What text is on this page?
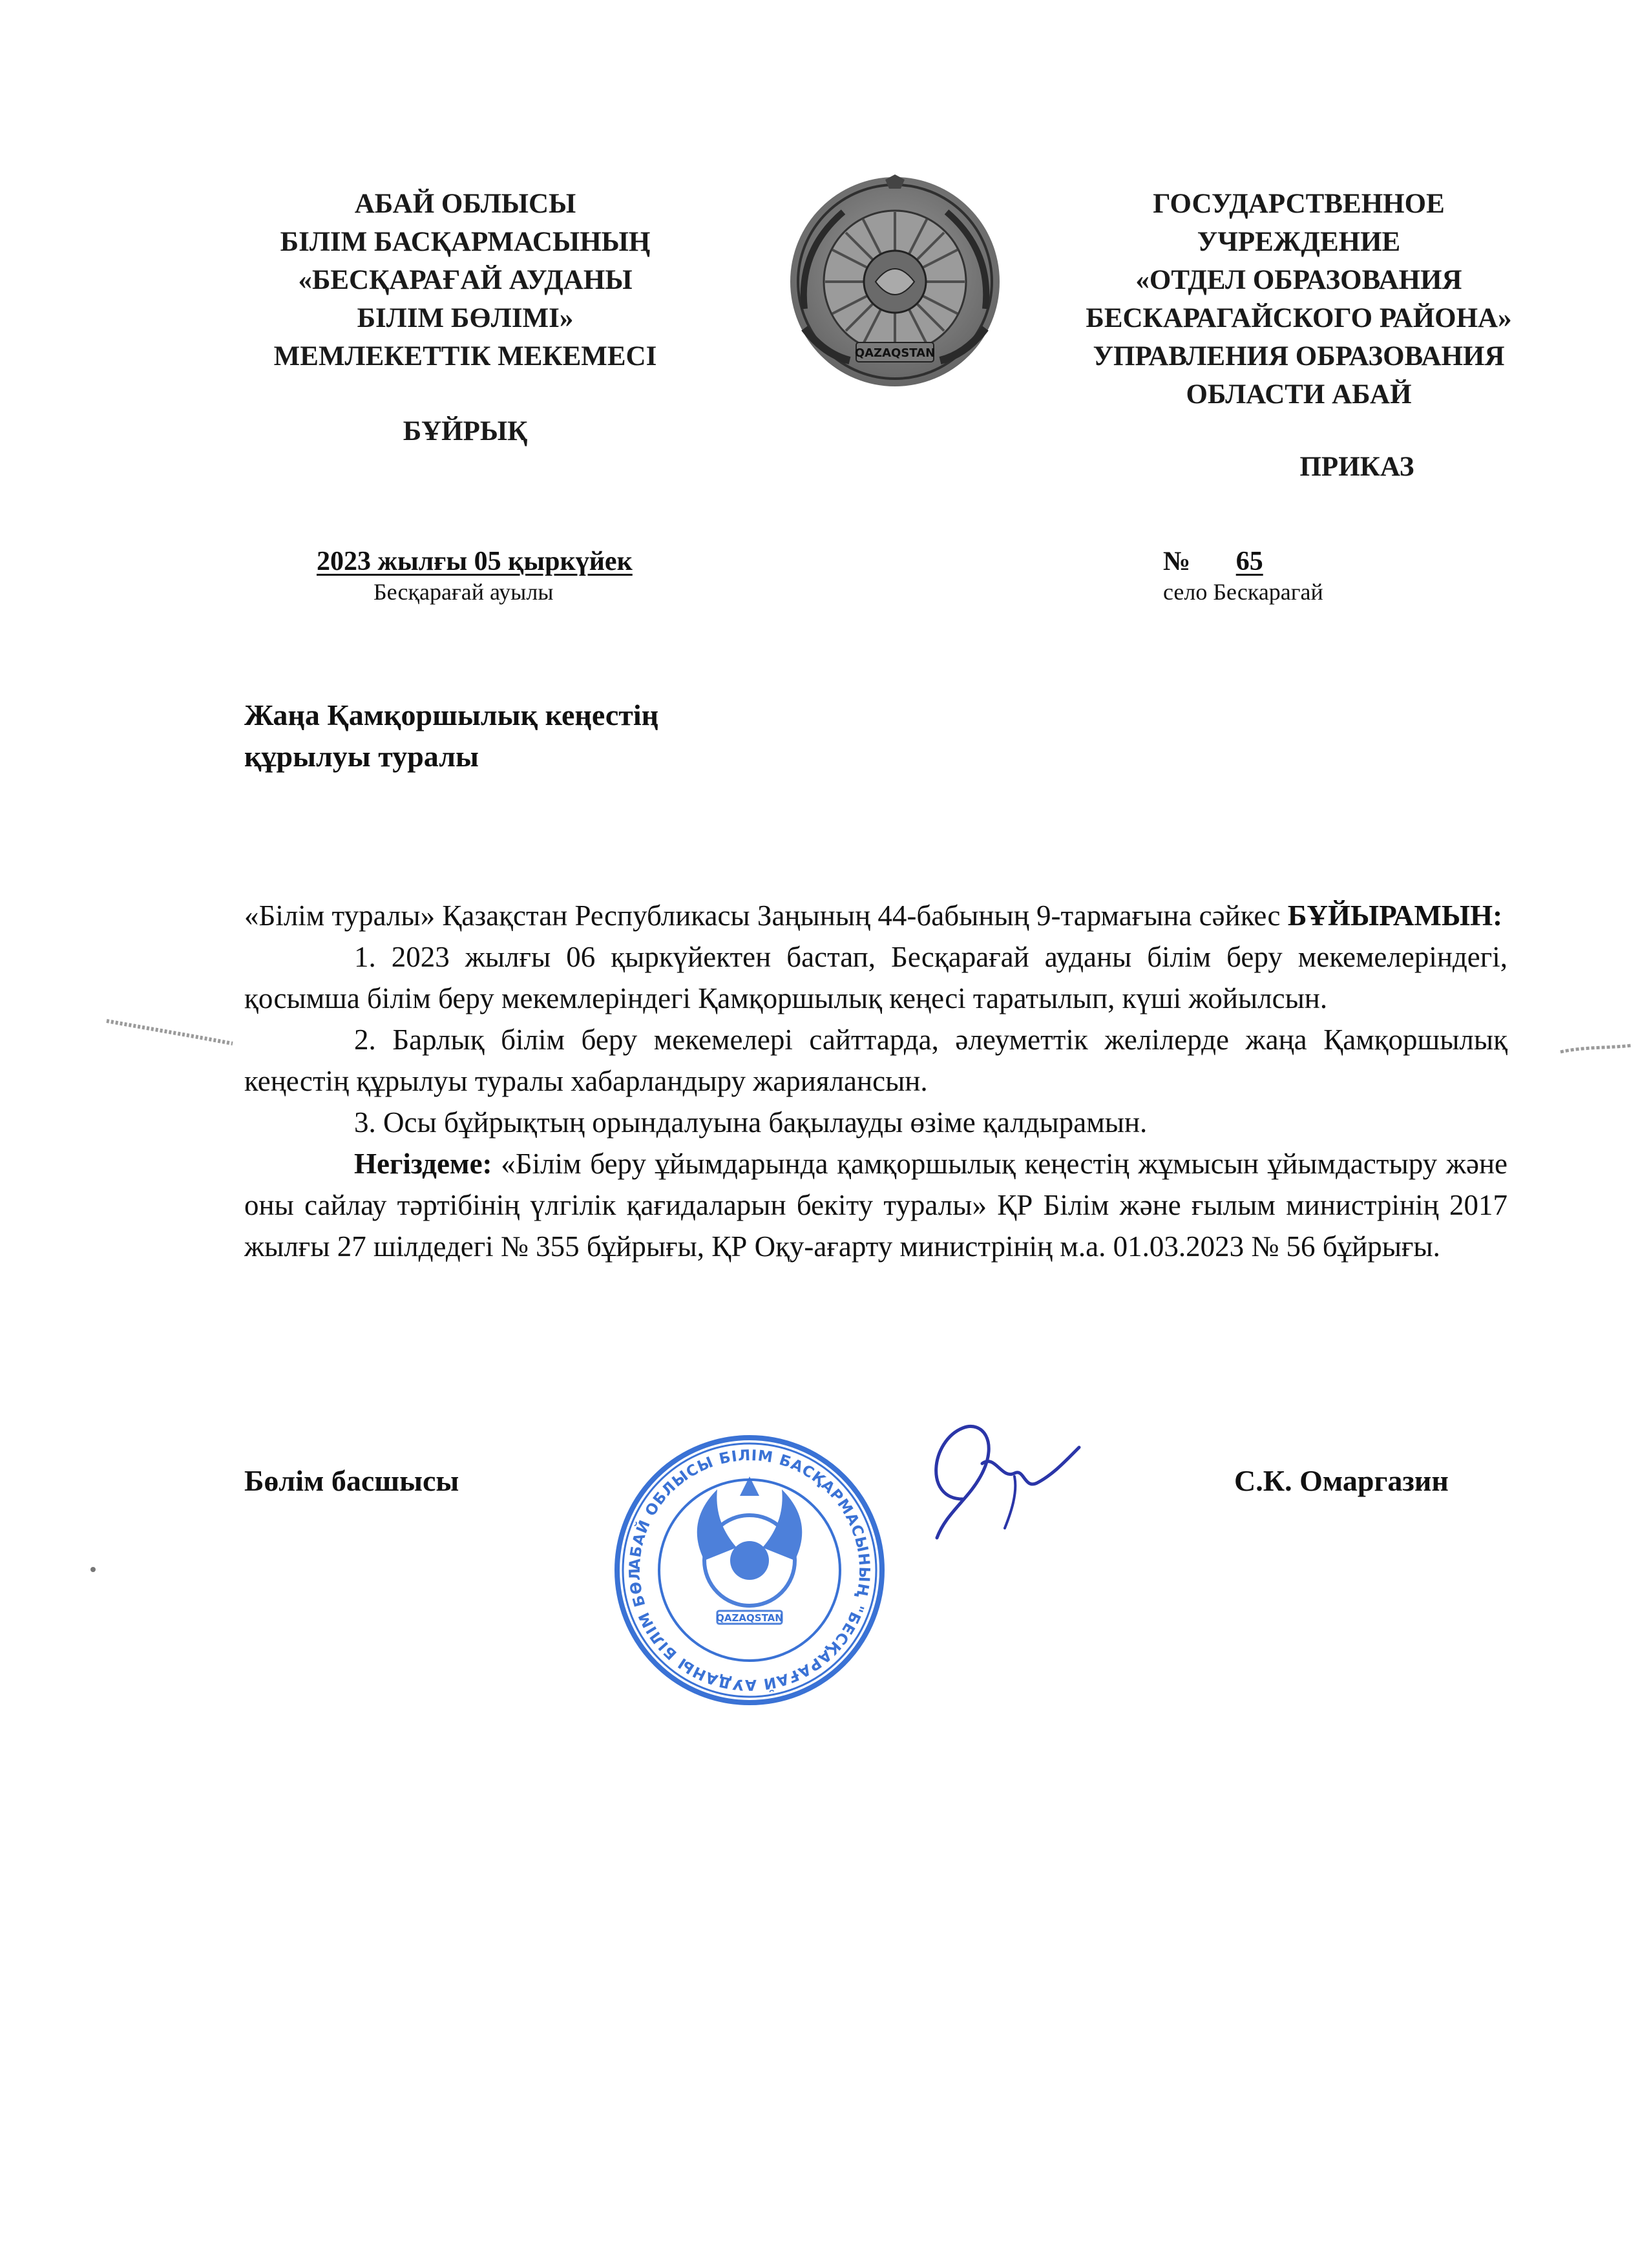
АБАЙ ОБЛЫСЫ
БІЛІМ БАСҚАРМАСЫНЫҢ
«БЕСҚАРАҒАЙ АУДАНЫ
БІЛІМ БӨЛІМІ»
МЕМЛЕКЕТТІК МЕКЕМЕСІ
БҰЙРЫҚ
QAZAQSTAN
ГОСУДАРСТВЕННОЕ
УЧРЕЖДЕНИЕ
«ОТДЕЛ ОБРАЗОВАНИЯ
БЕСКАРАГАЙСКОГО РАЙОНА»
УПРАВЛЕНИЯ ОБРАЗОВАНИЯ
ОБЛАСТИ АБАЙ
ПРИКАЗ
2023 жылғы 05 қыркүйек
Бесқарағай ауылы
№ 65
село Бескарагай
Жаңа Қамқоршылық кеңестің
құрылуы туралы

«Білім туралы» Қазақстан Республикасы Заңының 44-бабының 9-тармағына сәйкес БҰЙЫРАМЫН:

1. 2023 жылғы 06 қыркүйектен бастап, Бесқарағай ауданы білім беру мекемелеріндегі, қосымша білім беру мекемлеріндегі Қамқоршылық кеңесі таратылып, күші жойылсын.

2. Барлық білім беру мекемелері сайттарда, әлеуметтік желілерде жаңа Қамқоршылық кеңестің құрылуы туралы хабарландыру жариялансын.

3. Осы бұйрықтың орындалуына бақылауды өзіме қалдырамын.

Негіздеме: «Білім беру ұйымдарында қамқоршылық кеңестің жұмысын ұйымдастыру және оны сайлау тәртібінің үлгілік қағидаларын бекіту туралы» ҚР Білім және ғылым министрінің 2017 жылғы 27 шілдедегі № 355 бұйрығы, ҚР Оқу-ағарту министрінің м.а. 01.03.2023 № 56 бұйрығы.

Бөлім басшысы	С.К. Омаргазин
АБАЙ ОБЛЫСЫ БІЛІМ БАСҚАРМАСЫНЫҢ "БЕСҚАРАҒАЙ АУДАНЫ БІЛІМ БӨЛ
QAZAQSTAN
